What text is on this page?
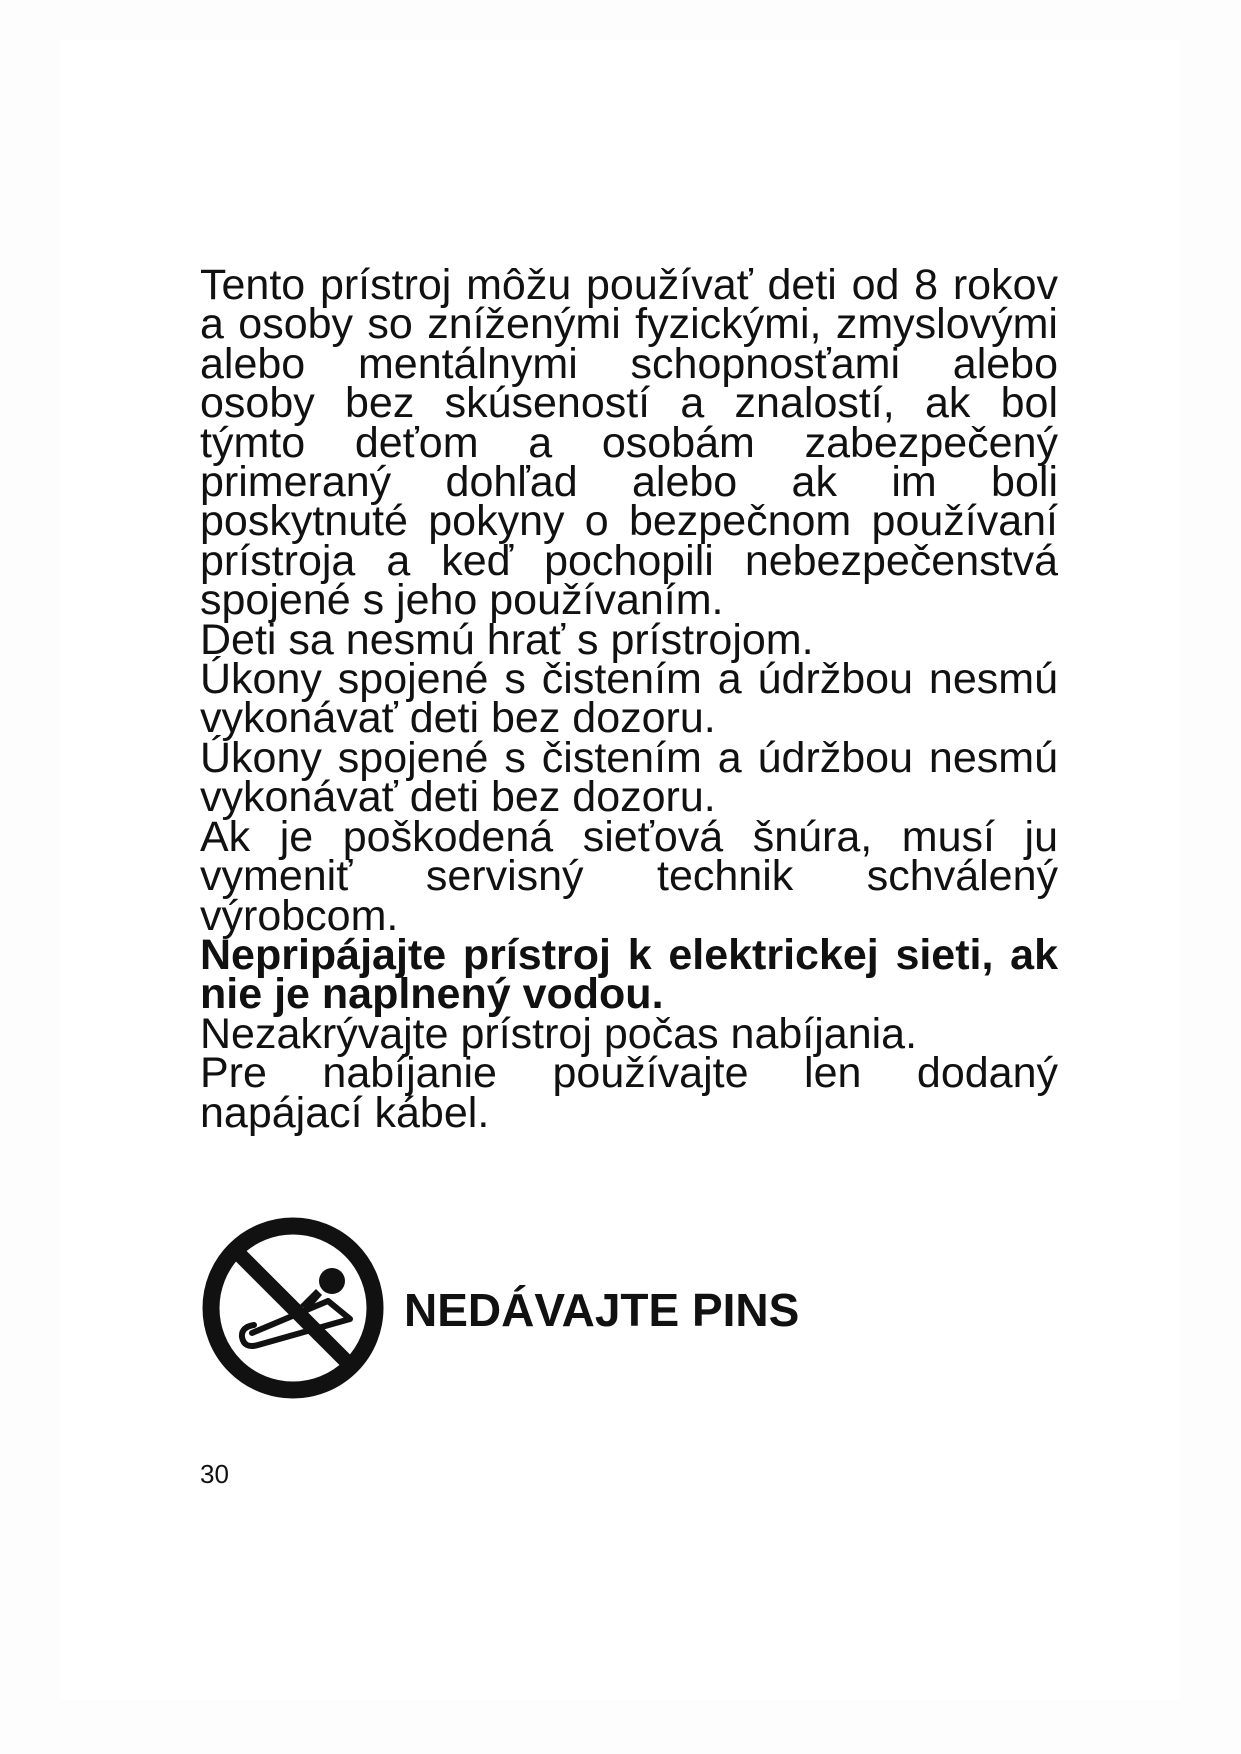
Tento prístroj môžu používať deti od 8 rokov a osoby so zníženými fyzickými, zmyslovými alebo mentálnymi schopnosťami alebo osoby bez skúseností a znalostí, ak bol týmto deťom a osobám zabezpečený primeraný dohľad alebo ak im boli poskytnuté pokyny o bezpečnom používaní prístroja a keď pochopili nebezpečenstvá spojené s jeho používaním.

Deti sa nesmú hrať s prístrojom.

Úkony spojené s čistením a údržbou nesmú vykonávať deti bez dozoru.

Úkony spojené s čistením a údržbou nesmú vykonávať deti bez dozoru.

Ak je poškodená sieťová šnúra, musí ju vymeniť servisný technik schválený výrobcom.

Nepripájajte prístroj k elektrickej sieti, ak nie je naplnený vodou.

Nezakrývajte prístroj počas nabíjania.

Pre nabíjanie používajte len dodaný napájací kábel.

NEDÁVAJTE PINS
30
